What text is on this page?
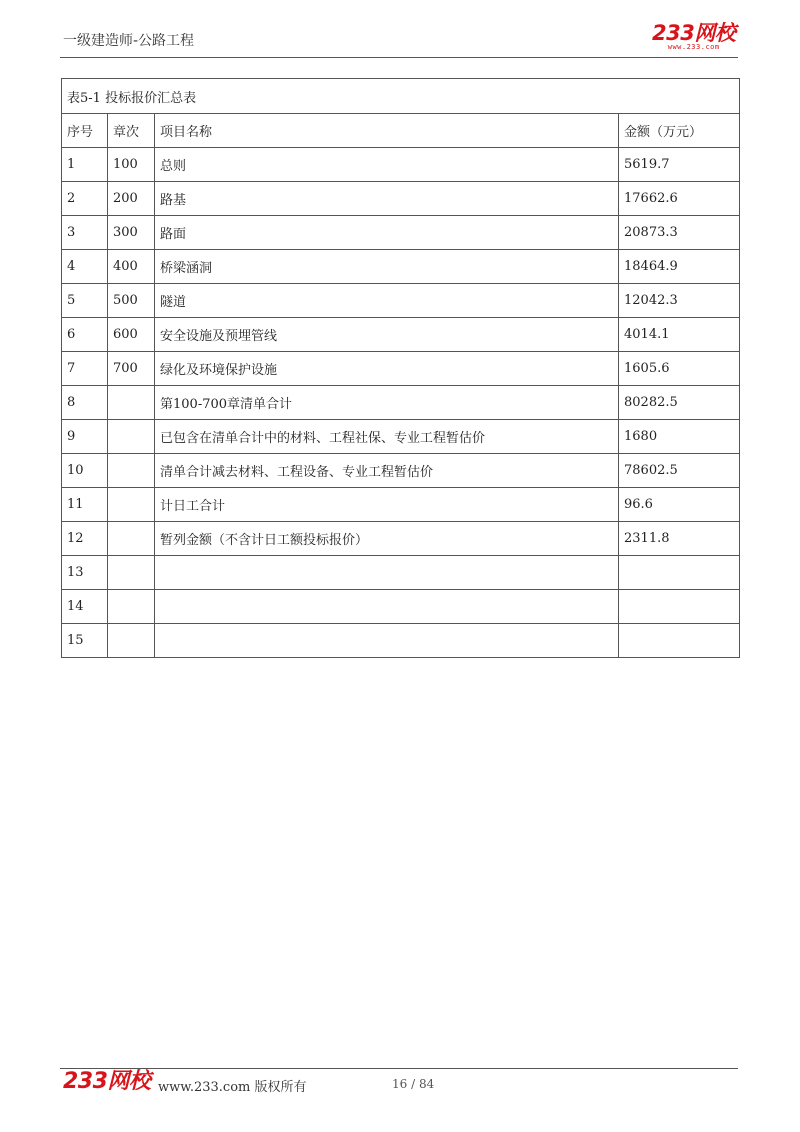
一级建造师-公路工程	233网校
www.233.com
表5-1 投标报价汇总表			
序号	章次	项目名称	金额（万元）
1	100	总则	5619.7
2	200	路基	17662.6
3	300	路面	20873.3
4	400	桥梁涵洞	18464.9
5	500	隧道	12042.3
6	600	安全设施及预埋管线	4014.1
7	700	绿化及环境保护设施	1605.6
8		第100-700章清单合计	80282.5
9		已包含在清单合计中的材料、工程社保、专业工程暂估价	1680
10		清单合计减去材料、工程设备、专业工程暂估价	78602.5
11		计日工合计	96.6
12		暂列金额（不含计日工额投标报价）	2311.8
13			
14			
15			
233网校 www.233.com 版权所有	16 / 84
